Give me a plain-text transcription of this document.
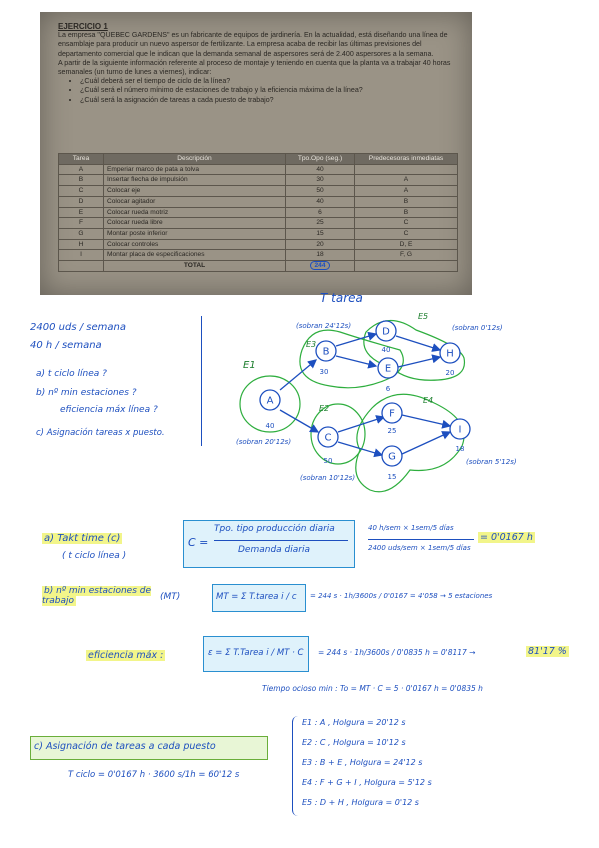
EJERCICIO 1
La empresa "QUEBEC GARDENS" es un fabricante de equipos de jardinería. En la actualidad, está diseñando una línea de ensamblaje para producir un nuevo aspersor de fertilizante. La empresa acaba de recibir las últimas previsiones del departamento comercial que le indican que la demanda semanal de aspersores será de 2.400 aspersores a la semana.
A partir de la siguiente información referente al proceso de montaje y teniendo en cuenta que la planta va a trabajar 40 horas semanales (un turno de lunes a viernes), indicar:
• ¿Cuál deberá ser el tiempo de ciclo de la línea?
• ¿Cuál será el número mínimo de estaciones de trabajo y la eficiencia máxima de la línea?
• ¿Cuál será la asignación de tareas a cada puesto de trabajo?
Tarea	Descripción	Tpo.Opo (seg.)	Predecesoras inmediatas
A	Emperiar marco de pata a tolva	40	
B	Insertar flecha de impulsión	30	A
C	Colocar eje	50	A
D	Colocar agitador	40	B
E	Colocar rueda motriz	6	B
F	Colocar rueda libre	25	C
G	Montar poste inferior	15	C
H	Colocar controles	20	D, E
I	Montar placa de especificaciones	18	F, G
	TOTAL	244	
T tarea
2400 uds / semana
40 h / semana
a) t ciclo línea ?
b) nº min estaciones ?
eficiencia máx línea ?
c) Asignación tareas x puesto.
A
40
B
30
C
50
D
40
E
6
F
25
G
15
H
20
I
18
E1
E2
E3
E4
E5
(sobran 20'12s)
(sobran 10'12s)
(sobran 24'12s)
(sobran 5'12s)
(sobran 0'12s)
a) Takt time (c)
( t ciclo línea )
C =
Tpo. tipo producción diaria
Demanda diaria
40 h/sem × 1sem/5 días
2400 uds/sem × 1sem/5 días
= 0'0167 h
b) nº min estaciones de trabajo	(MT)	MT = Σ T.tarea i / c = 244 s · 1h/3600s / 0'0167 = 4'058 → 5 estaciones
eficiencia máx :	ε = Σ T.Tarea i / MT · C = 244 s · 1h/3600s / 0'0835 h = 0'8117 →	81'17 %
Tiempo ocioso min : To = MT · C = 5 · 0'0167 h = 0'0835 h
c) Asignación de tareas a cada puesto
T ciclo = 0'0167 h · 3600 s/1h = 60'12 s
E1 : A , Holgura = 20'12 s
E2 : C , Holgura = 10'12 s
E3 : B + E , Holgura = 24'12 s
E4 : F + G + I , Holgura = 5'12 s
E5 : D + H , Holgura = 0'12 s
